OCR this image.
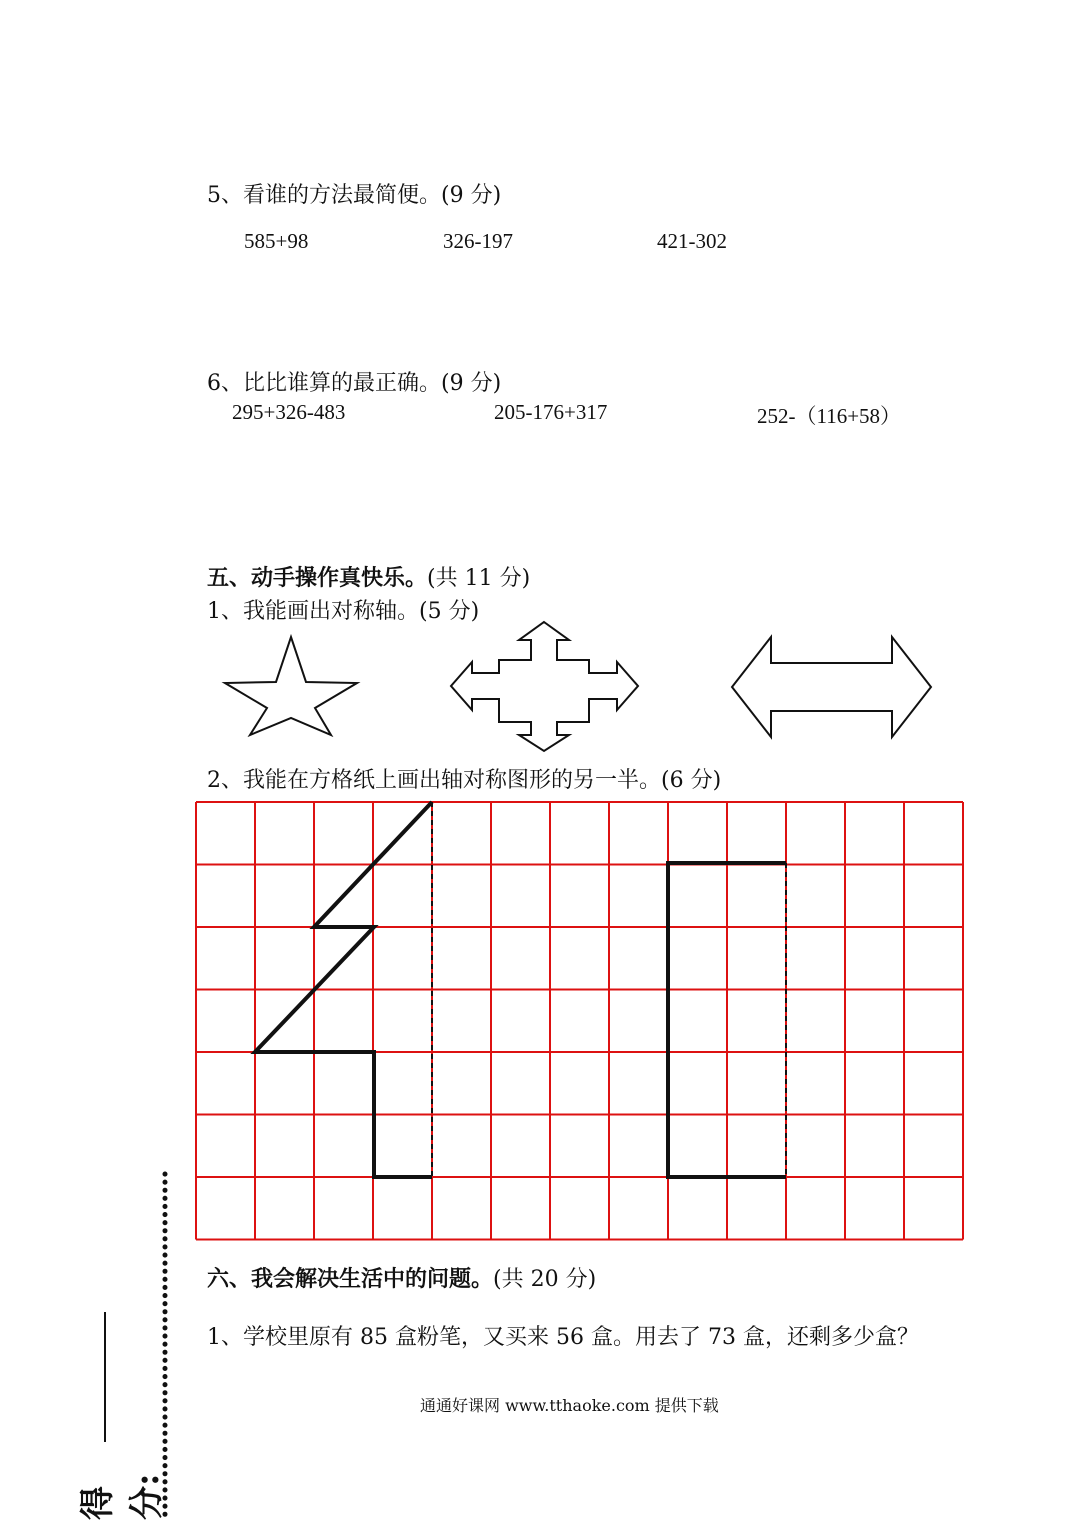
5、看谁的方法最简便。(9 分)
585+98	326-197	421-302
6、比比谁算的最正确。(9 分)
295+326-483	205-176+317	252-（116+58）
五、动手操作真快乐。(共 11 分)
1、我能画出对称轴。(5 分)
2、我能在方格纸上画出轴对称图形的另一半。(6 分)
六、我会解决生活中的问题。(共 20 分)
1、学校里原有 85 盒粉笔，又买来 56 盒。用去了 73 盒，还剩多少盒？
通通好课网 www.tthaoke.com 提供下载
得分:
